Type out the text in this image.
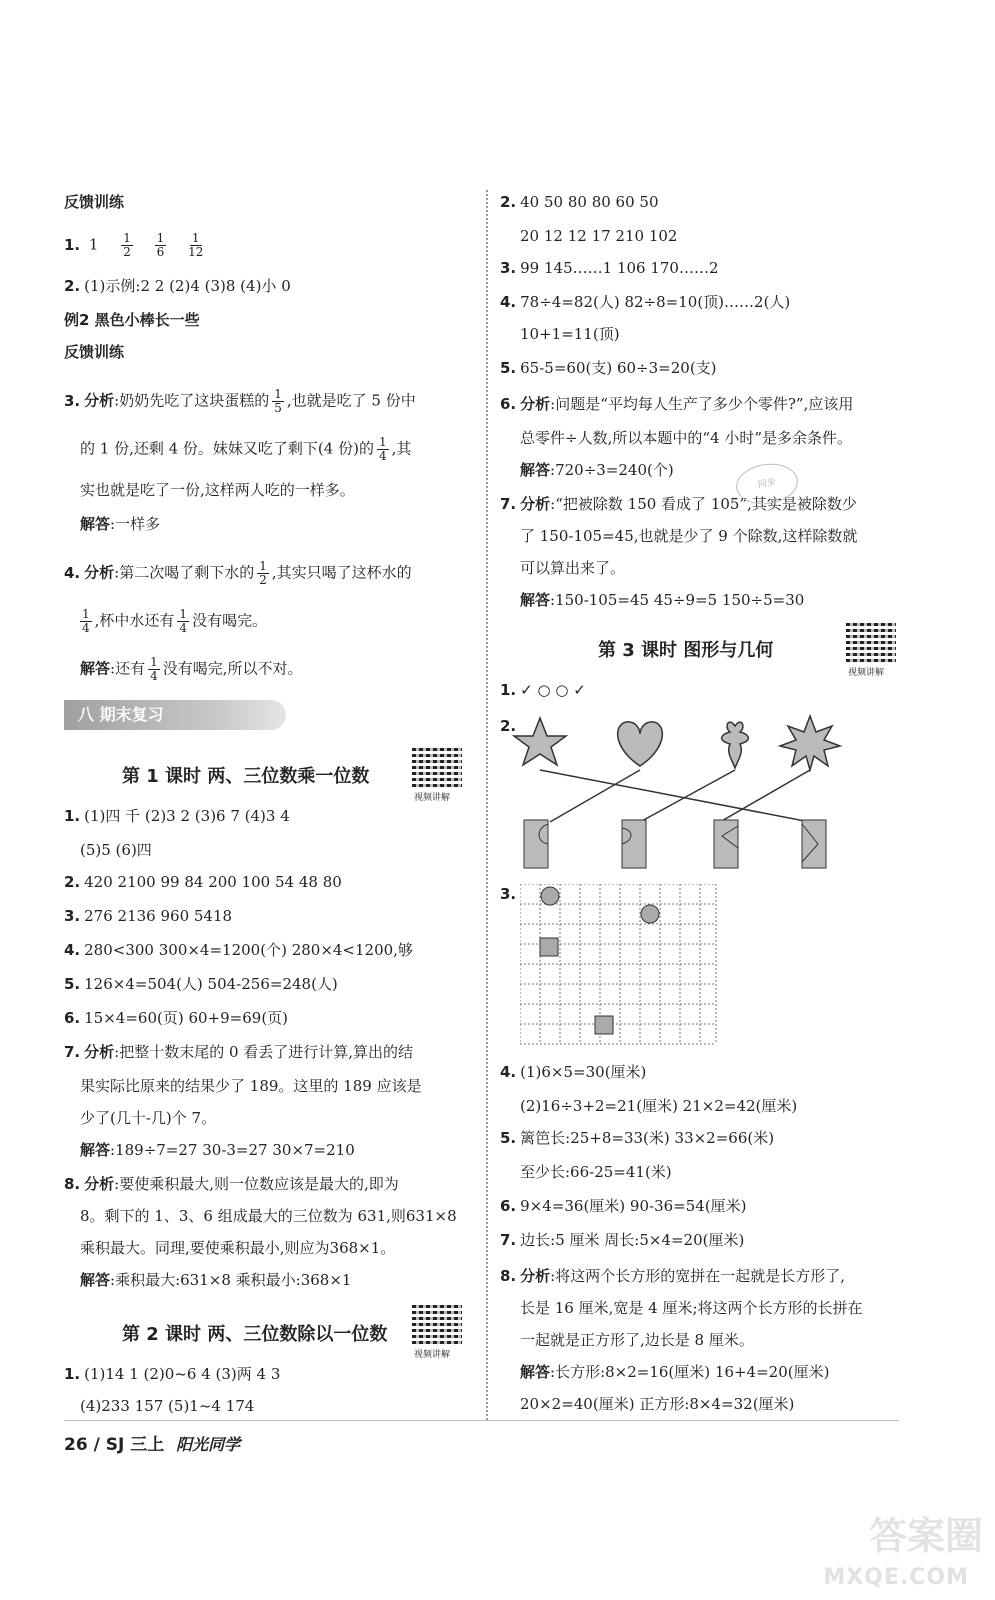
反馈训练
1. $1 \frac{1}{2}$
$\frac{1}{6}$
$\frac{1}{12}$
2. (1)示例:2 2 (2)4 (3)8 (4)小 0
例2 黑色小棒长一些
反馈训练
3. 分析:奶奶先吃了这块蛋糕的 $\frac{1}{5}$ ,也就是吃了 5 份中
的 1 份,还剩 4 份。妹妹又吃了剩下(4 份)的 $\frac{1}{4}$ ,其
实也就是吃了一份,这样两人吃的一样多。
解答:一样多
4. 分析:第二次喝了剩下水的 $\frac{1}{2}$ ,其实只喝了这杯水的
$\frac{1}{4}$ ,杯中水还有 $\frac{1}{4}$ 没有喝完。
解答:还有 $\frac{1}{4}$ 没有喝完,所以不对。
八 期末复习
第 1 课时 两、三位数乘一位数
视频讲解
1. (1)四 千 (2)3 2 (3)6 7 (4)3 4
(5)5 (6)四
2. 420 2100 99 84 200 100 54 48 80
3. 276 2136 960 5418
4. 280<300 300×4=1200(个) 280×4<1200,够
5. 126×4=504(人) 504-256=248(人)
6. 15×4=60(页) 60+9=69(页)
7. 分析:把整十数末尾的 0 看丢了进行计算,算出的结
果实际比原来的结果少了 189。这里的 189 应该是
少了(几十-几)个 7。
解答:189÷7=27 30-3=27 30×7=210
8. 分析:要使乘积最大,则一位数应该是最大的,即为
8。剩下的 1、3、6 组成最大的三位数为 631,则631×8
乘积最大。同理,要使乘积最小,则应为368×1。
解答:乘积最大:631×8 乘积最小:368×1
第 2 课时 两、三位数除以一位数
视频讲解
1. (1)14 1 (2)0~6 4 (3)两 4 3
(4)233 157 (5)1~4 174
2. 40 50 80 80 60 50
20 12 12 17 210 102
3. 99 145……1 106 170……2
4. 78÷4=82(人) 82÷8=10(顶)……2(人)
10+1=11(顶)
5. 65-5=60(支) 60÷3=20(支)
6. 分析:问题是“平均每人生产了多少个零件?”,应该用
总零件÷人数,所以本题中的“4 小时”是多余条件。
解答:720÷3=240(个)
7. 分析:“把被除数 150 看成了 105”,其实是被除数少
了 150-105=45,也就是少了 9 个除数,这样除数就
可以算出来了。
解答:150-105=45 45÷9=5 150÷5=30
同步
第 3 课时 图形与几何
视频讲解
1. ✓ ○ ○ ✓
2.
3.
4. (1)6×5=30(厘米)
(2)16÷3+2=21(厘米) 21×2=42(厘米)
5. 篱笆长:25+8=33(米) 33×2=66(米)
至少长:66-25=41(米)
6. 9×4=36(厘米) 90-36=54(厘米)
7. 边长:5 厘米 周长:5×4=20(厘米)
8. 分析:将这两个长方形的宽拼在一起就是长方形了,
长是 16 厘米,宽是 4 厘米;将这两个长方形的长拼在
一起就是正方形了,边长是 8 厘米。
解答:长方形:8×2=16(厘米) 16+4=20(厘米)
20×2=40(厘米) 正方形:8×4=32(厘米)
26 / SJ 三上 阳光同学
答案圈
MXQE.COM
